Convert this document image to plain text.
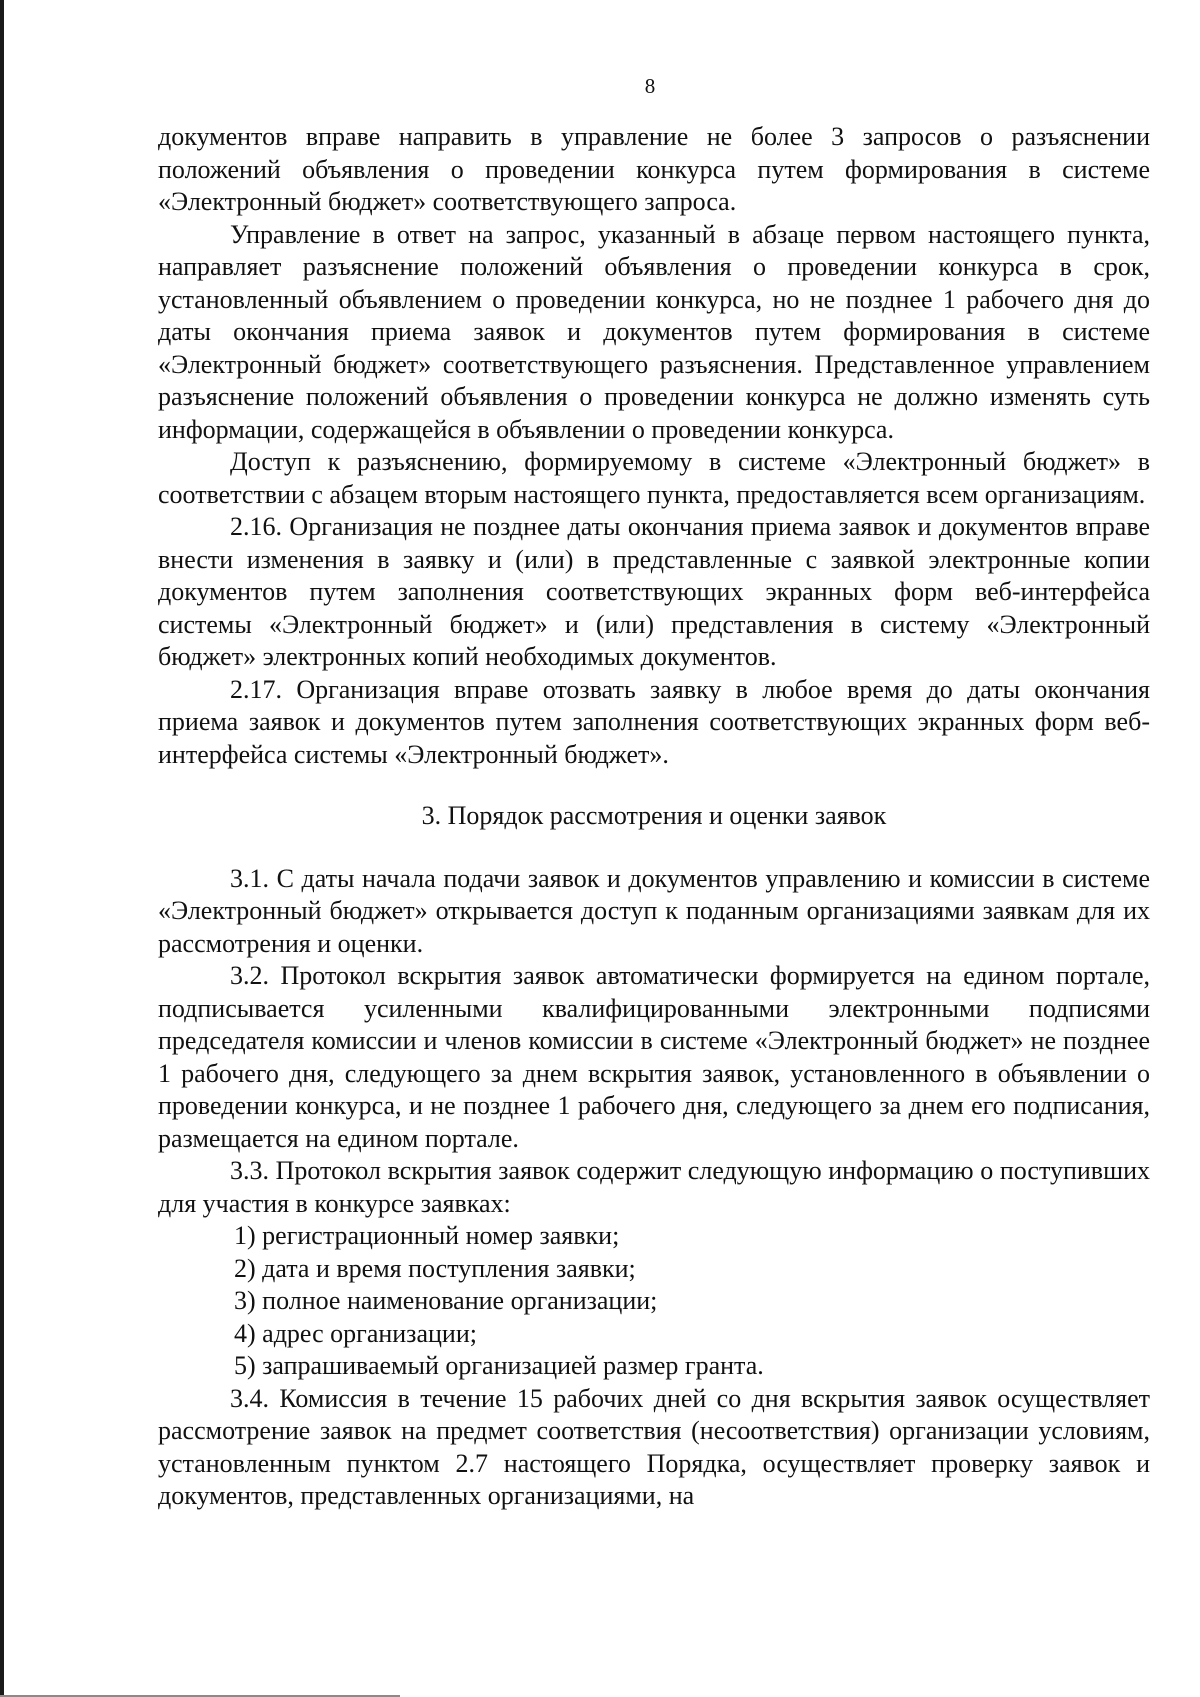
8

документов вправе направить в управление не более 3 запросов о разъяснении положений объявления о проведении конкурса путем формирования в системе «Электронный бюджет» соответствующего запроса.

Управление в ответ на запрос, указанный в абзаце первом настоящего пункта, направляет разъяснение положений объявления о проведении конкурса в срок, установленный объявлением о проведении конкурса, но не позднее 1 рабочего дня до даты окончания приема заявок и документов путем формирования в системе «Электронный бюджет» соответствующего разъяснения. Представленное управлением разъяснение положений объявления о проведении конкурса не должно изменять суть информации, содержащейся в объявлении о проведении конкурса.

Доступ к разъяснению, формируемому в системе «Электронный бюджет» в соответствии с абзацем вторым настоящего пункта, предоставляется всем организациям.

2.16. Организация не позднее даты окончания приема заявок и документов вправе внести изменения в заявку и (или) в представленные с заявкой электронные копии документов путем заполнения соответствующих экранных форм веб-интерфейса системы «Электронный бюджет» и (или) представления в систему «Электронный бюджет» электронных копий необходимых документов.

2.17. Организация вправе отозвать заявку в любое время до даты окончания приема заявок и документов путем заполнения соответствующих экранных форм веб-интерфейса системы «Электронный бюджет».

3. Порядок рассмотрения и оценки заявок

3.1. С даты начала подачи заявок и документов управлению и комиссии в системе «Электронный бюджет» открывается доступ к поданным организациями заявкам для их рассмотрения и оценки.

3.2. Протокол вскрытия заявок автоматически формируется на едином портале, подписывается усиленными квалифицированными электронными подписями председателя комиссии и членов комиссии в системе «Электронный бюджет» не позднее 1 рабочего дня, следующего за днем вскрытия заявок, установленного в объявлении о проведении конкурса, и не позднее 1 рабочего дня, следующего за днем его подписания, размещается на едином портале.

3.3. Протокол вскрытия заявок содержит следующую информацию о поступивших для участия в конкурсе заявках:

1) регистрационный номер заявки;

2) дата и время поступления заявки;

3) полное наименование организации;

4) адрес организации;

5) запрашиваемый организацией размер гранта.

3.4. Комиссия в течение 15 рабочих дней со дня вскрытия заявок осуществляет рассмотрение заявок на предмет соответствия (несоответствия) организации условиям, установленным пунктом 2.7 настоящего Порядка, осуществляет проверку заявок и документов, представленных организациями, на
